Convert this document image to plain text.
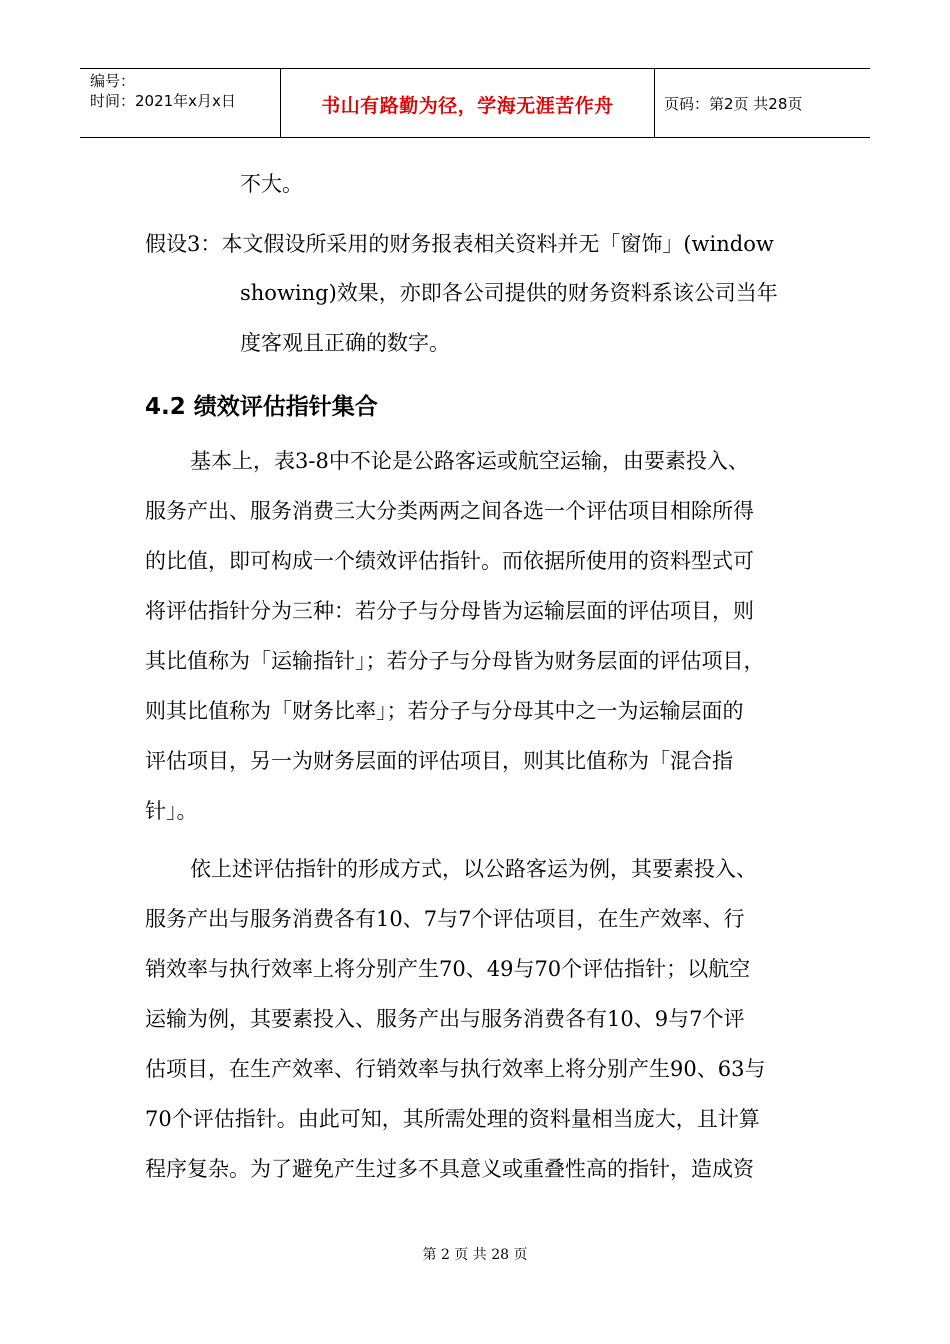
编号：
时间：2021年x月x日	书山有路勤为径，学海无涯苦作舟	页码：第2页 共28页
不大。
假设3：本文假设所采用的财务报表相关资料并无「窗饰」(window
showing)效果，亦即各公司提供的财务资料系该公司当年
度客观且正确的数字。
4.2 绩效评估指针集合
基本上，表3-8中不论是公路客运或航空运输，由要素投入、
服务产出、服务消费三大分类两两之间各选一个评估项目相除所得
的比值，即可构成一个绩效评估指针。而依据所使用的资料型式可
将评估指针分为三种：若分子与分母皆为运输层面的评估项目，则
其比值称为「运输指针」；若分子与分母皆为财务层面的评估项目，
则其比值称为「财务比率」；若分子与分母其中之一为运输层面的
评估项目，另一为财务层面的评估项目，则其比值称为「混合指
针」。
依上述评估指针的形成方式，以公路客运为例，其要素投入、
服务产出与服务消费各有10、7与7个评估项目，在生产效率、行
销效率与执行效率上将分别产生70、49与70个评估指针；以航空
运输为例，其要素投入、服务产出与服务消费各有10、9与7个评
估项目，在生产效率、行销效率与执行效率上将分别产生90、63与
70个评估指针。由此可知，其所需处理的资料量相当庞大，且计算
程序复杂。为了避免产生过多不具意义或重叠性高的指针，造成资
第 2 页 共 28 页
